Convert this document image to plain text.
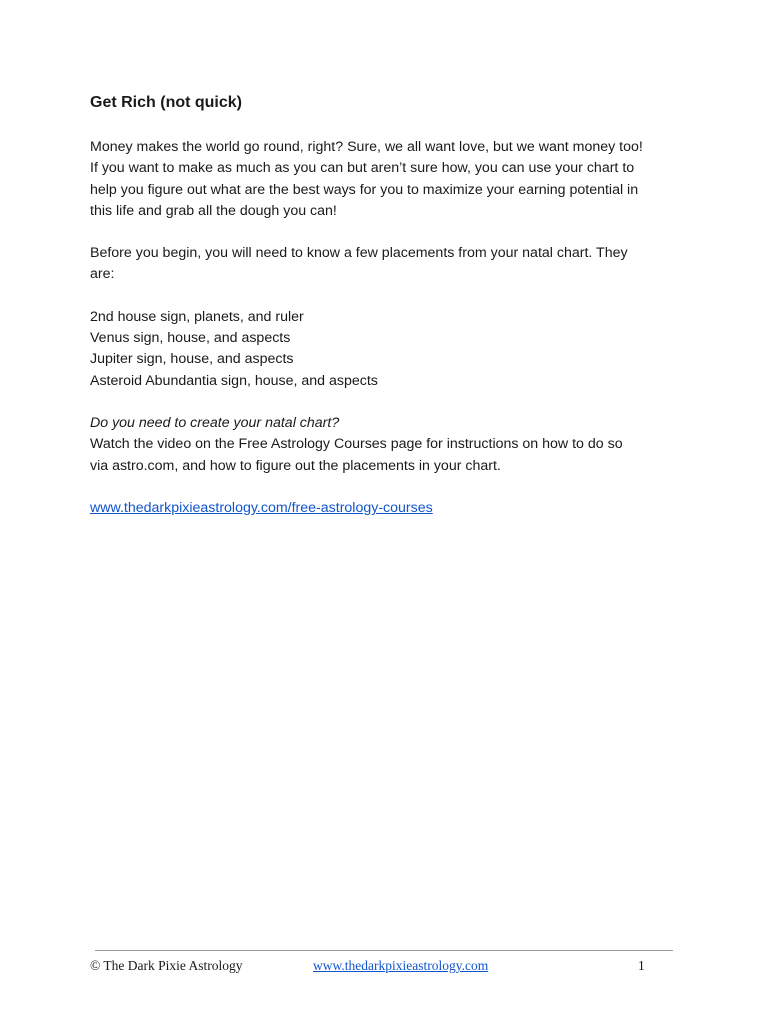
Get Rich (not quick)
Money makes the world go round, right? Sure, we all want love, but we want money too!
If you want to make as much as you can but aren’t sure how, you can use your chart to
help you figure out what are the best ways for you to maximize your earning potential in
this life and grab all the dough you can!
Before you begin, you will need to know a few placements from your natal chart. They
are:
2nd house sign, planets, and ruler
Venus sign, house, and aspects
Jupiter sign, house, and aspects
Asteroid Abundantia sign, house, and aspects
Do you need to create your natal chart?
Watch the video on the Free Astrology Courses page for instructions on how to do so
via astro.com, and how to figure out the placements in your chart.
www.thedarkpixieastrology.com/free-astrology-courses
© The Dark Pixie Astrology	www.thedarkpixieastrology.com	1
